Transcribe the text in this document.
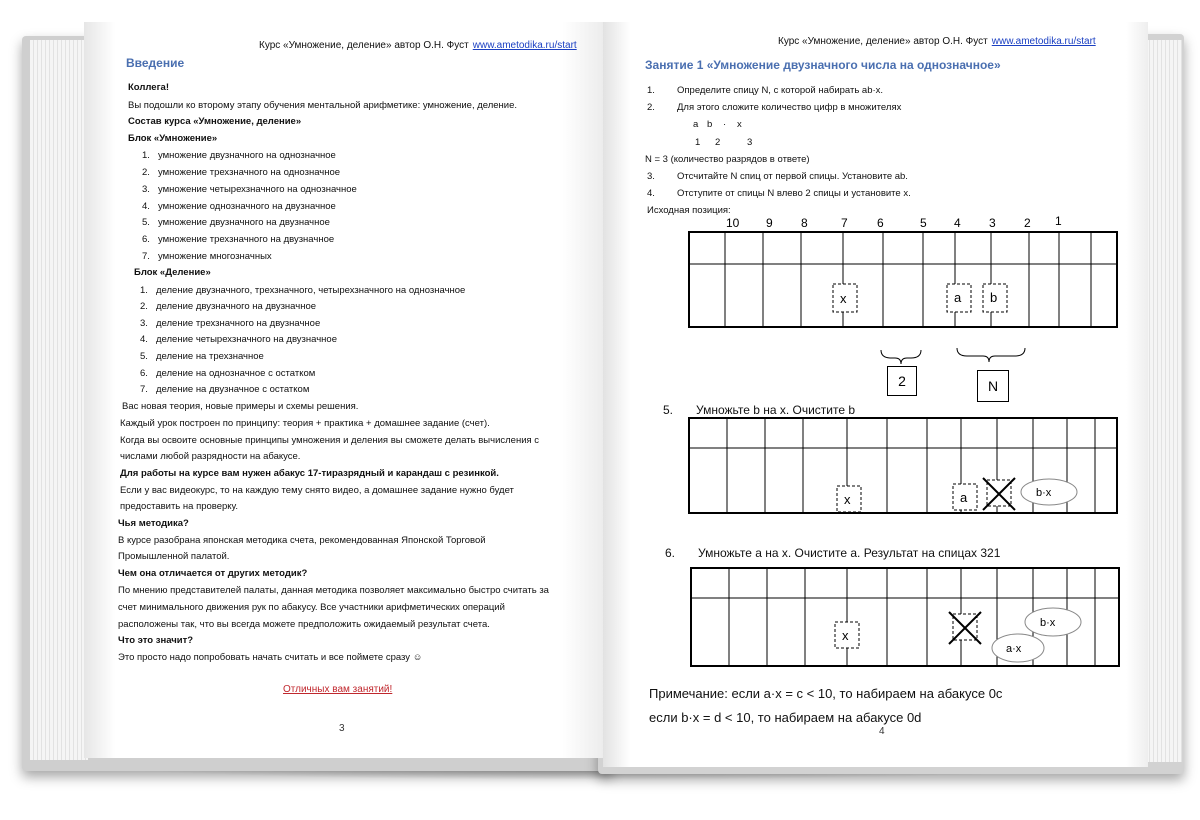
Курс «Умножение, деление» автор О.Н. Фуст www.ametodika.ru/start
Введение
Коллега!
Вы подошли ко второму этапу обучения ментальной арифметике: умножение, деление.
Состав курса «Умножение, деление»
Блок «Умножение»
1. умножение двузначного на однозначное
2. умножение трехзначного на однозначное
3. умножение четырехзначного на однозначное
4. умножение однозначного на двузначное
5. умножение двузначного на двузначное
6. умножение трехзначного на двузначное
7. умножение многозначных
Блок «Деление»
1. деление двузначного, трехзначного, четырехзначного на однозначное
2. деление двузначного на двузначное
3. деление трехзначного на двузначное
4. деление четырехзначного на двузначное
5. деление на трехзначное
6. деление на однозначное с остатком
7. деление на двузначное с остатком
Вас новая теория, новые примеры и схемы решения.
Каждый урок построен по принципу: теория + практика + домашнее задание (счет).
Когда вы освоите основные принципы умножения и деления вы сможете делать вычисления с
числами любой разрядности на абакусе.
Для работы на курсе вам нужен абакус 17-тиразрядный и карандаш с резинкой.
Если у вас видеокурс, то на каждую тему снято видео, а домашнее задание нужно будет
предоставить на проверку.
Чья методика?
В курсе разобрана японская методика счета, рекомендованная Японской Торговой
Промышленной палатой.
Чем она отличается от других методик?
По мнению представителей палаты, данная методика позволяет максимально быстро считать за
счет минимального движения рук по абакусу. Все участники арифметических операций
расположены так, что вы всегда можете предположить ожидаемый результат счета.
Что это значит?
Это просто надо попробовать начать считать и все поймете сразу ☺
Отличных вам занятий!
3
Курс «Умножение, деление» автор О.Н. Фуст www.ametodika.ru/start
Занятие 1 «Умножение двузначного числа на однозначное»
1. Определите спицу N, с которой набирать ab·x.
2. Для этого сложите количество цифр в множителях
a b · x
1 2	3
N = 3 (количество разрядов в ответе)
3. Отсчитайте N спиц от первой спицы. Установите ab.
4. Отступите от спицы N влево 2 спицы и установите x.
Исходная позиция:
10 9 8	7 6	5 4 3 2 1
x	a b
2	N
5. Умножьте b на x. Очистите b
x	a	b·x
6. Умножьте а на x. Очистите а. Результат на спицах 321
x
b·x
a·x
Примечание: если a·x = c < 10, то набираем на абакусе 0c
если b·x = d < 10, то набираем на абакусе 0d
4
